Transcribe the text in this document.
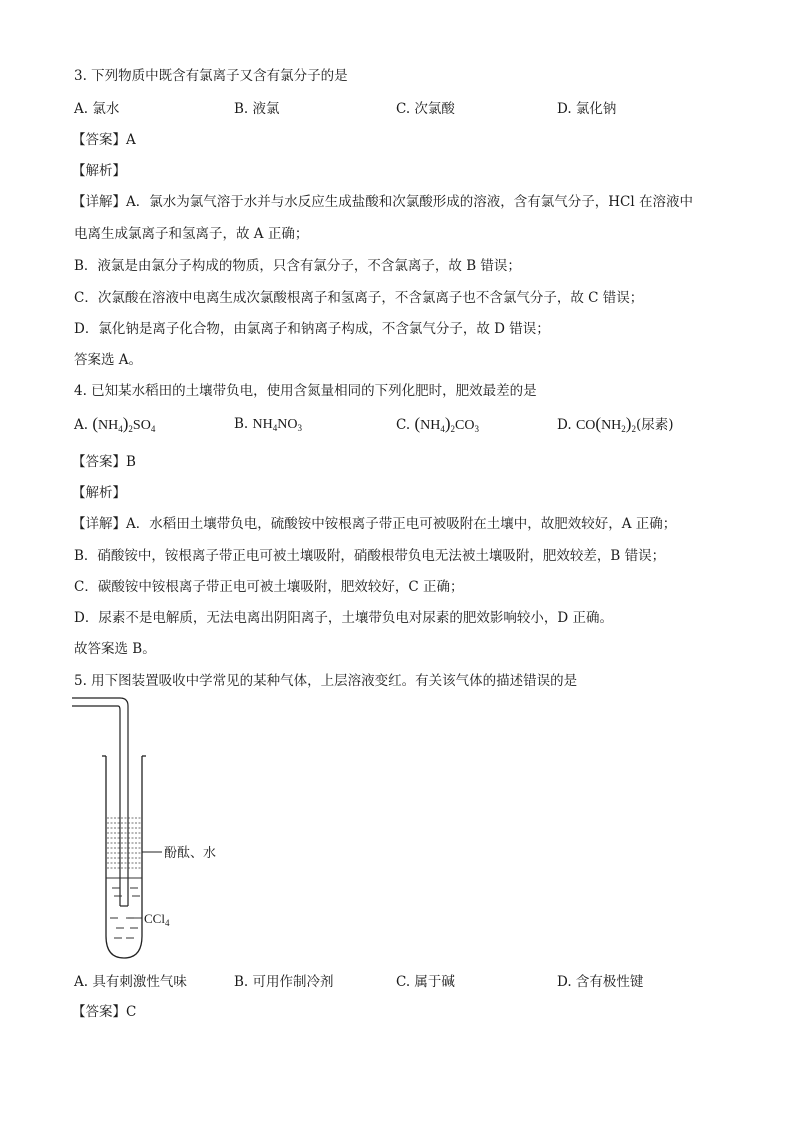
3. 下列物质中既含有氯离子又含有氯分子的是
A. 氯水	B. 液氯	C. 次氯酸	D. 氯化钠
【答案】A
【解析】
【详解】A．氯水为氯气溶于水并与水反应生成盐酸和次氯酸形成的溶液，含有氯气分子，HCl 在溶液中
电离生成氯离子和氢离子，故 A 正确；
B．液氯是由氯分子构成的物质，只含有氯分子，不含氯离子，故 B 错误；
C．次氯酸在溶液中电离生成次氯酸根离子和氢离子，不含氯离子也不含氯气分子，故 C 错误；
D．氯化钠是离子化合物，由氯离子和钠离子构成，不含氯气分子，故 D 错误；
答案选 A。
4. 已知某水稻田的土壤带负电，使用含氮量相同的下列化肥时，肥效最差的是
A. $(NH_4)_2SO_4$	B. $NH_4NO_3$	C. $(NH_4)_2CO_3$	D. $CO(NH_2)_2$(尿素)
【答案】B
【解析】
【详解】A．水稻田土壤带负电，硫酸铵中铵根离子带正电可被吸附在土壤中，故肥效较好，A 正确；
B．硝酸铵中，铵根离子带正电可被土壤吸附，硝酸根带负电无法被土壤吸附，肥效较差，B 错误；
C．碳酸铵中铵根离子带正电可被土壤吸附，肥效较好，C 正确；
D．尿素不是电解质，无法电离出阴阳离子，土壤带负电对尿素的肥效影响较小，D 正确。
故答案选 B。
5. 用下图装置吸收中学常见的某种气体，上层溶液变红。有关该气体的描述错误的是
酚酞、水
CCl$_4$
A. 具有刺激性气味	B. 可用作制冷剂	C. 属于碱	D. 含有极性键
【答案】C
